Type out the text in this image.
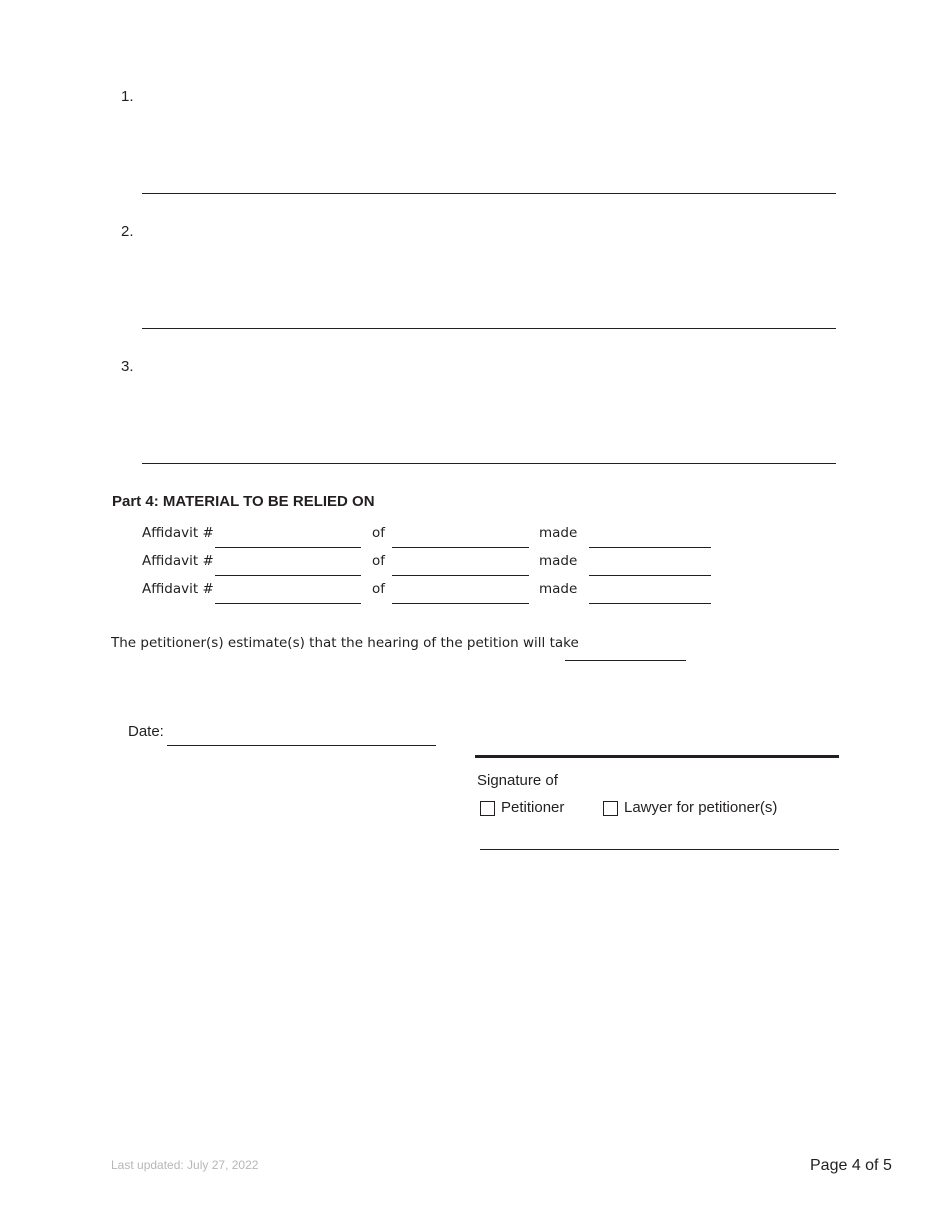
1.
2.
3.
Part 4: MATERIAL TO BE RELIED ON
Affidavit #	of	made
Affidavit #	of	made
Affidavit #	of	made
The petitioner(s) estimate(s) that the hearing of the petition will take
Date:
Signature of
Petitioner	Lawyer for petitioner(s)
Last updated: July 27, 2022	Page 4 of 5
